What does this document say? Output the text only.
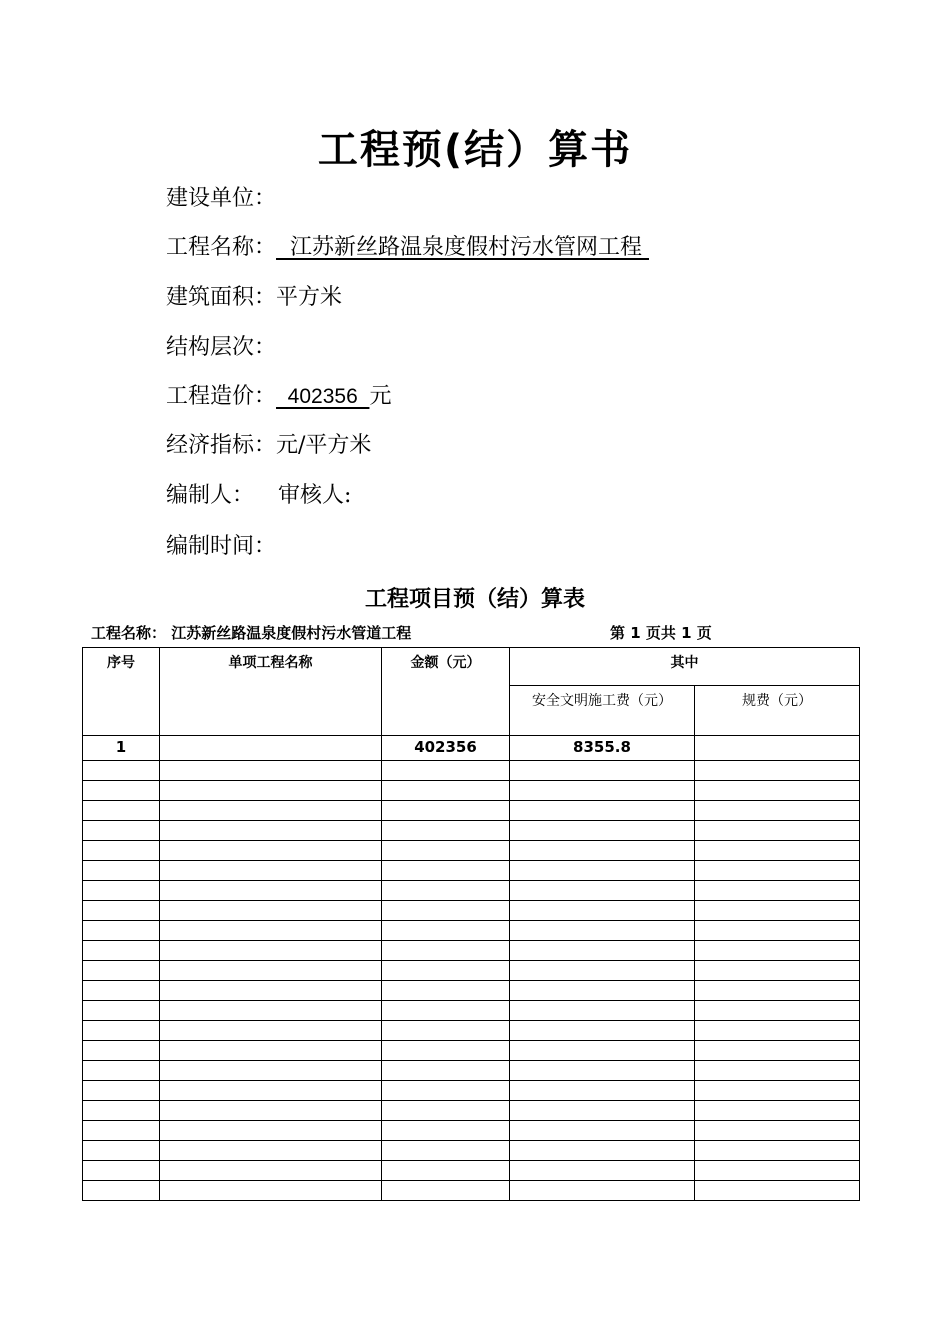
工程预(结）算书
建设单位：
工程名称：  江苏新丝路温泉度假村污水管网工程
建筑面积：平方米
结构层次：
工程造价：  402356  元
经济指标：元/平方米
编制人： 审核人:
编制时间：
工程项目预（结）算表
工程名称： 江苏新丝路温泉度假村污水管道工程	第 1 页共 1 页
序号	单项工程名称	金额（元）	其中	
			安全文明施工费（元）	规费（元）
1		402356	8355.8	
